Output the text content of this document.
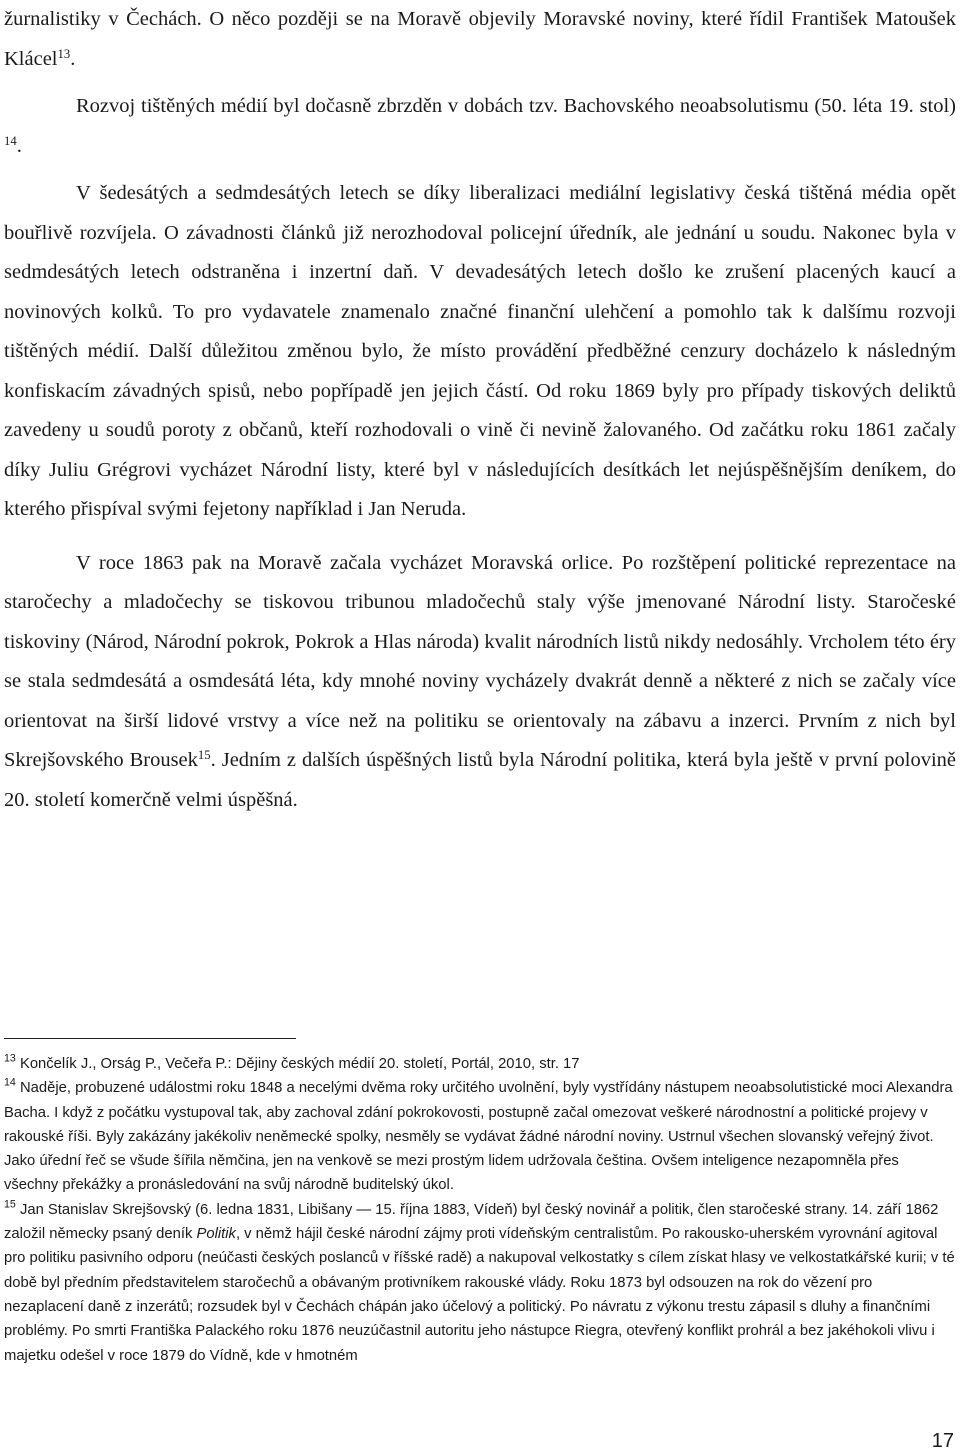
žurnalistiky v Čechách. O něco později se na Moravě objevily Moravské noviny, které řídil František Matoušek Klácel$^{13}$.

Rozvoj tištěných médií byl dočasně zbrzděn v dobách tzv. Bachovského neoabsolutismu (50. léta 19. stol) $^{14}$.

V šedesátých a sedmdesátých letech se díky liberalizaci mediální legislativy česká tištěná média opět bouřlivě rozvíjela. O závadnosti článků již nerozhodoval policejní úředník, ale jednání u soudu. Nakonec byla v sedmdesátých letech odstraněna i inzertní daň. V devadesátých letech došlo ke zrušení placených kaucí a novinových kolků. To pro vydavatele znamenalo značné finanční ulehčení a pomohlo tak k dalšímu rozvoji tištěných médií. Další důležitou změnou bylo, že místo provádění předběžné cenzury docházelo k následným konfiskacím závadných spisů, nebo popřípadě jen jejich částí. Od roku 1869 byly pro případy tiskových deliktů zavedeny u soudů poroty z občanů, kteří rozhodovali o vině či nevině žalovaného. Od začátku roku 1861 začaly díky Juliu Grégrovi vycházet Národní listy, které byl v následujících desítkách let nejúspěšnějším deníkem, do kterého přispíval svými fejetony například i Jan Neruda.

V roce 1863 pak na Moravě začala vycházet Moravská orlice. Po rozštěpení politické reprezentace na staročechy a mladočechy se tiskovou tribunou mladočechů staly výše jmenované Národní listy. Staročeské tiskoviny (Národ, Národní pokrok, Pokrok a Hlas národa) kvalit národních listů nikdy nedosáhly. Vrcholem této éry se stala sedmdesátá a osmdesátá léta, kdy mnohé noviny vycházely dvakrát denně a některé z nich se začaly více orientovat na širší lidové vrstvy a více než na politiku se orientovaly na zábavu a inzerci. Prvním z nich byl Skrejšovského Brousek$^{15}$. Jedním z dalších úspěšných listů byla Národní politika, která byla ještě v první polovině 20. století komerčně velmi úspěšná.

$^{13}$ Končelík J., Orság P., Večeřa P.: Dějiny českých médií 20. století, Portál, 2010, str. 17

$^{14}$ Naděje, probuzené událostmi roku 1848 a necelými dvěma roky určitého uvolnění, byly vystřídány nástupem neoabsolutistické moci Alexandra Bacha. I když z počátku vystupoval tak, aby zachoval zdání pokrokovosti, postupně začal omezovat veškeré národnostní a politické projevy v rakouské říši. Byly zakázány jakékoliv neněmecké spolky, nesměly se vydávat žádné národní noviny. Ustrnul všechen slovanský veřejný život. Jako úřední řeč se všude šířila němčina, jen na venkově se mezi prostým lidem udržovala čeština. Ovšem inteligence nezapomněla přes všechny překážky a pronásledování na svůj národně buditelský úkol.

$^{15}$ Jan Stanislav Skrejšovský (6. ledna 1831, Libišany — 15. října 1883, Vídeň) byl český novinář a politik, člen staročeské strany. 14. září 1862 založil německy psaný deník Politik, v němž hájil české národní zájmy proti vídeňským centralistům. Po rakousko-uherském vyrovnání agitoval pro politiku pasivního odporu (neúčasti českých poslanců v říšské radě) a nakupoval velkostatky s cílem získat hlasy ve velkostatkářské kurii; v té době byl předním představitelem staročechů a obávaným protivníkem rakouské vlády. Roku 1873 byl odsouzen na rok do vězení pro nezaplacení daně z inzerátů; rozsudek byl v Čechách chápán jako účelový a politický. Po návratu z výkonu trestu zápasil s dluhy a finančními problémy. Po smrti Františka Palackého roku 1876 neuzúčastnil autoritu jeho nástupce Riegra, otevřený konflikt prohrál a bez jakéhokoli vlivu i majetku odešel v roce 1879 do Vídně, kde v hmotném

17
